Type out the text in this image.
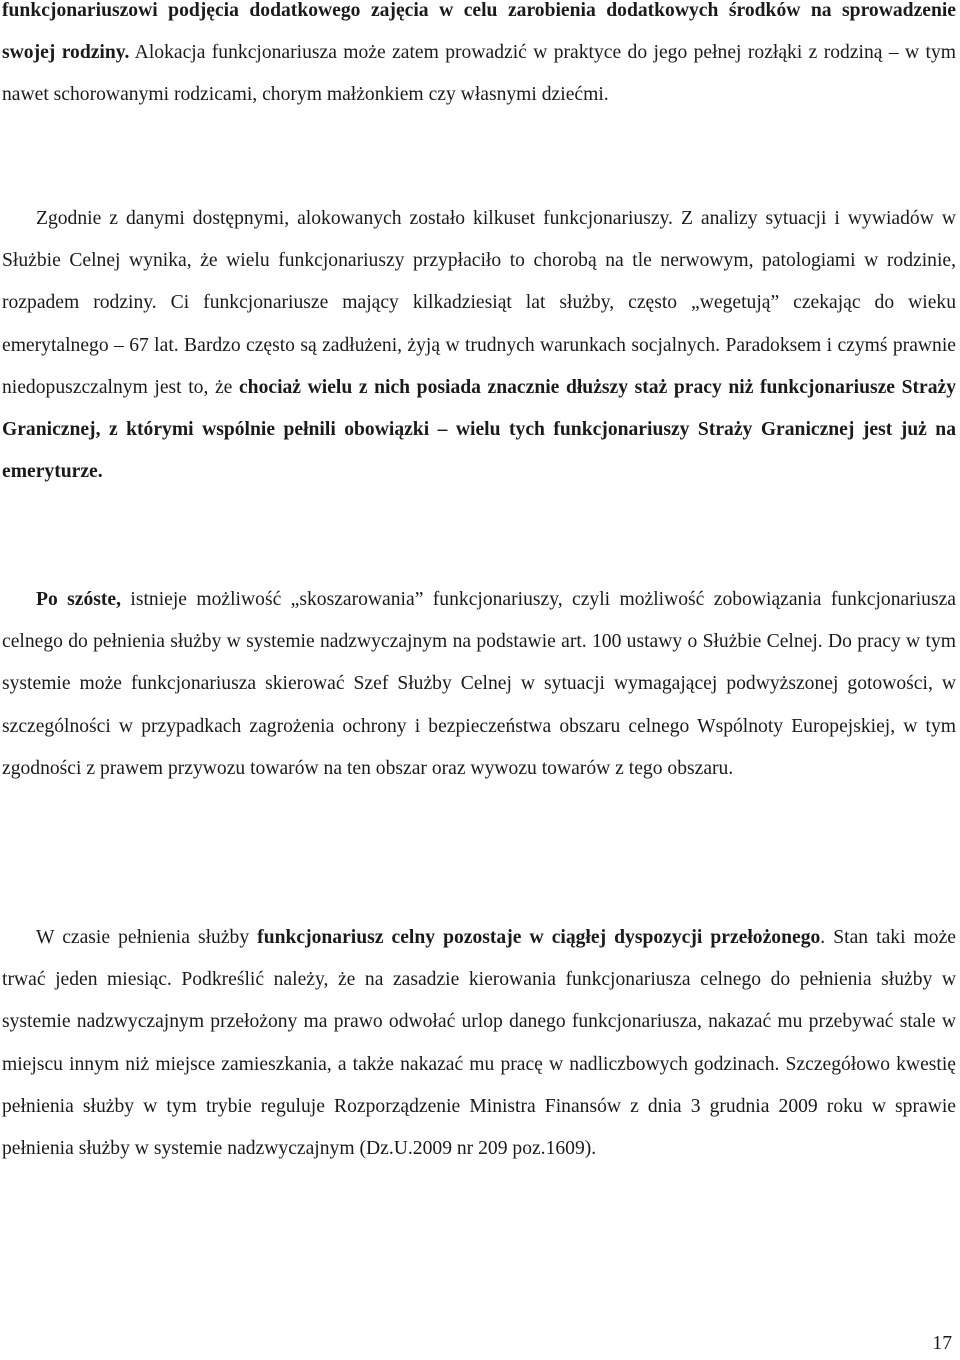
funkcjonariuszowi podjęcia dodatkowego zajęcia w celu zarobienia dodatkowych środków na sprowadzenie swojej rodziny. Alokacja funkcjonariusza może zatem prowadzić w praktyce do jego pełnej rozłąki z rodziną – w tym nawet schorowanymi rodzicami, chorym małżonkiem czy własnymi dziećmi.

Zgodnie z danymi dostępnymi, alokowanych zostało kilkuset funkcjonariuszy. Z analizy sytuacji i wywiadów w Służbie Celnej wynika, że wielu funkcjonariuszy przypłaciło to chorobą na tle nerwowym, patologiami w rodzinie, rozpadem rodziny. Ci funkcjonariusze mający kilkadziesiąt lat służby, często „wegetują” czekając do wieku emerytalnego – 67 lat. Bardzo często są zadłużeni, żyją w trudnych warunkach socjalnych. Paradoksem i czymś prawnie niedopuszczalnym jest to, że chociaż wielu z nich posiada znacznie dłuższy staż pracy niż funkcjonariusze Straży Granicznej, z którymi wspólnie pełnili obowiązki – wielu tych funkcjonariuszy Straży Granicznej jest już na emeryturze.

Po szóste, istnieje możliwość „skoszarowania” funkcjonariuszy, czyli możliwość zobowiązania funkcjonariusza celnego do pełnienia służby w systemie nadzwyczajnym na podstawie art. 100 ustawy o Służbie Celnej. Do pracy w tym systemie może funkcjonariusza skierować Szef Służby Celnej w sytuacji wymagającej podwyższonej gotowości, w szczególności w przypadkach zagrożenia ochrony i bezpieczeństwa obszaru celnego Wspólnoty Europejskiej, w tym zgodności z prawem przywozu towarów na ten obszar oraz wywozu towarów z tego obszaru.

W czasie pełnienia służby funkcjonariusz celny pozostaje w ciągłej dyspozycji przełożonego. Stan taki może trwać jeden miesiąc. Podkreślić należy, że na zasadzie kierowania funkcjonariusza celnego do pełnienia służby w systemie nadzwyczajnym przełożony ma prawo odwołać urlop danego funkcjonariusza, nakazać mu przebywać stale w miejscu innym niż miejsce zamieszkania, a także nakazać mu pracę w nadliczbowych godzinach. Szczegółowo kwestię pełnienia służby w tym trybie reguluje Rozporządzenie Ministra Finansów z dnia 3 grudnia 2009 roku w sprawie pełnienia służby w systemie nadzwyczajnym (Dz.U.2009 nr 209 poz.1609).

17
